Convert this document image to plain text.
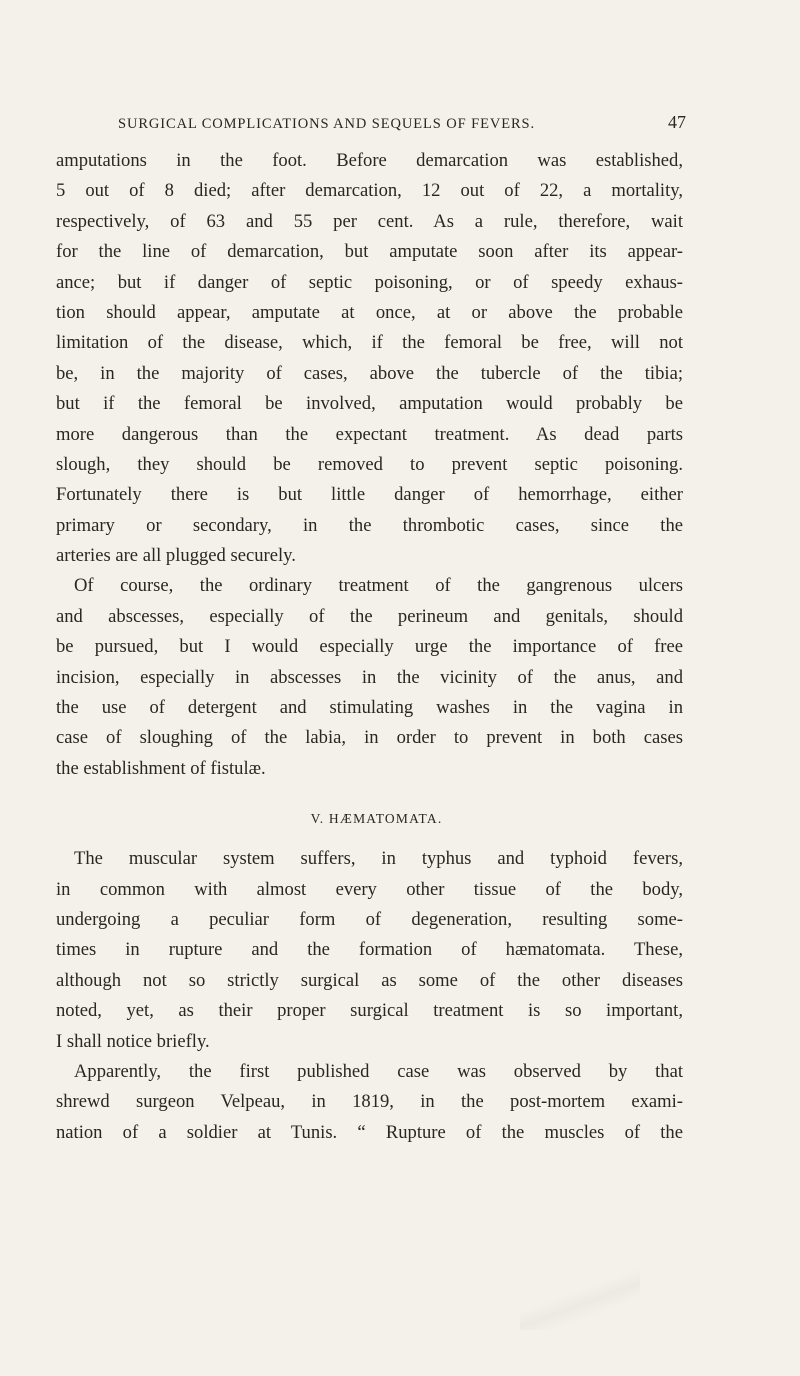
SURGICAL COMPLICATIONS AND SEQUELS OF FEVERS.	47
amputations in the foot. Before demarcation was established,
5 out of 8 died; after demarcation, 12 out of 22, a mortality,
respectively, of 63 and 55 per cent. As a rule, therefore, wait
for the line of demarcation, but amputate soon after its appear-
ance; but if danger of septic poisoning, or of speedy exhaus-
tion should appear, amputate at once, at or above the probable
limitation of the disease, which, if the femoral be free, will not
be, in the majority of cases, above the tubercle of the tibia;
but if the femoral be involved, amputation would probably be
more dangerous than the expectant treatment. As dead parts
slough, they should be removed to prevent septic poisoning.
Fortunately there is but little danger of hemorrhage, either
primary or secondary, in the thrombotic cases, since the
arteries are all plugged securely.
Of course, the ordinary treatment of the gangrenous ulcers
and abscesses, especially of the perineum and genitals, should
be pursued, but I would especially urge the importance of free
incision, especially in abscesses in the vicinity of the anus, and
the use of detergent and stimulating washes in the vagina in
case of sloughing of the labia, in order to prevent in both cases
the establishment of fistulæ.
V. HÆMATOMATA.
The muscular system suffers, in typhus and typhoid fevers,
in common with almost every other tissue of the body,
undergoing a peculiar form of degeneration, resulting some-
times in rupture and the formation of hæmatomata. These,
although not so strictly surgical as some of the other diseases
noted, yet, as their proper surgical treatment is so important,
I shall notice briefly.
Apparently, the first published case was observed by that
shrewd surgeon Velpeau, in 1819, in the post-mortem exami-
nation of a soldier at Tunis. “ Rupture of the muscles of the
